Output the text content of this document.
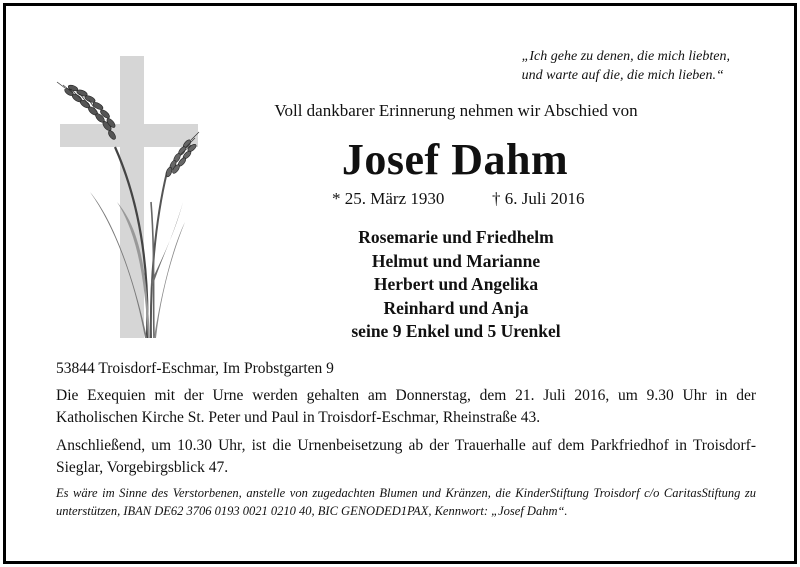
„Ich gehe zu denen, die mich liebten,
und warte auf die, die mich lieben.“
Voll dankbarer Erinnerung nehmen wir Abschied von
Josef Dahm
* 25. März 1930	† 6. Juli 2016
Rosemarie und Friedhelm
Helmut und Marianne
Herbert und Angelika
Reinhard und Anja
seine 9 Enkel und 5 Urenkel
53844 Troisdorf-Eschmar, Im Probstgarten 9
Die Exequien mit der Urne werden gehalten am Donnerstag, dem 21. Juli 2016, um 9.30 Uhr in der Katholischen Kirche St. Peter und Paul in Troisdorf-Eschmar, Rheinstraße 43.
Anschließend, um 10.30 Uhr, ist die Urnenbeisetzung ab der Trauerhalle auf dem Parkfriedhof in Troisdorf-Sieglar, Vorgebirgsblick 47.
Es wäre im Sinne des Verstorbenen, anstelle von zugedachten Blumen und Kränzen, die KinderStiftung Troisdorf c/o CaritasStiftung zu unterstützen, IBAN DE62 3706 0193 0021 0210 40, BIC GENODED1PAX, Kennwort: „Josef Dahm“.
